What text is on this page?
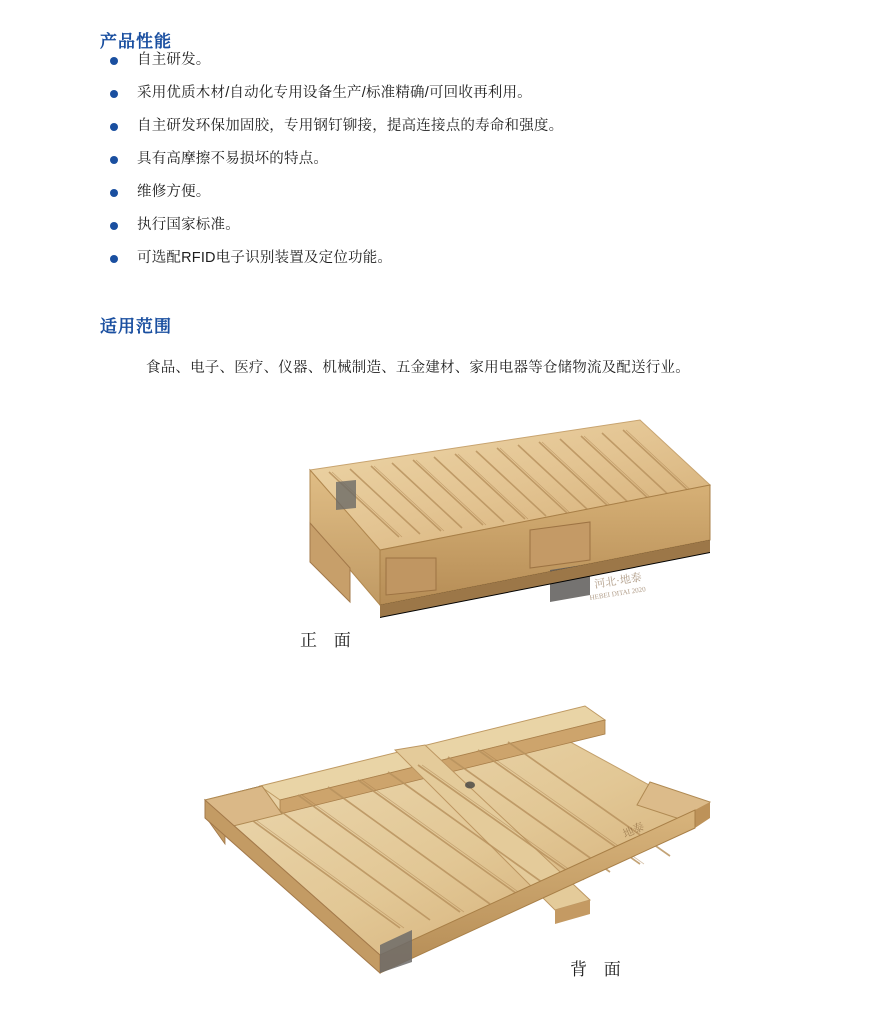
产品性能
自主研发。
采用优质木材/自动化专用设备生产/标准精确/可回收再利用。
自主研发环保加固胶，专用钢钉铆接，提高连接点的寿命和强度。
具有高摩擦不易损坏的特点。
维修方便。
执行国家标准。
可选配RFID电子识别装置及定位功能。
适用范围

食品、电子、医疗、仪器、机械制造、五金建材、家用电器等仓储物流及配送行业。

河北·地泰
HEBEI DITAI 2020
正 面
地泰
背 面
